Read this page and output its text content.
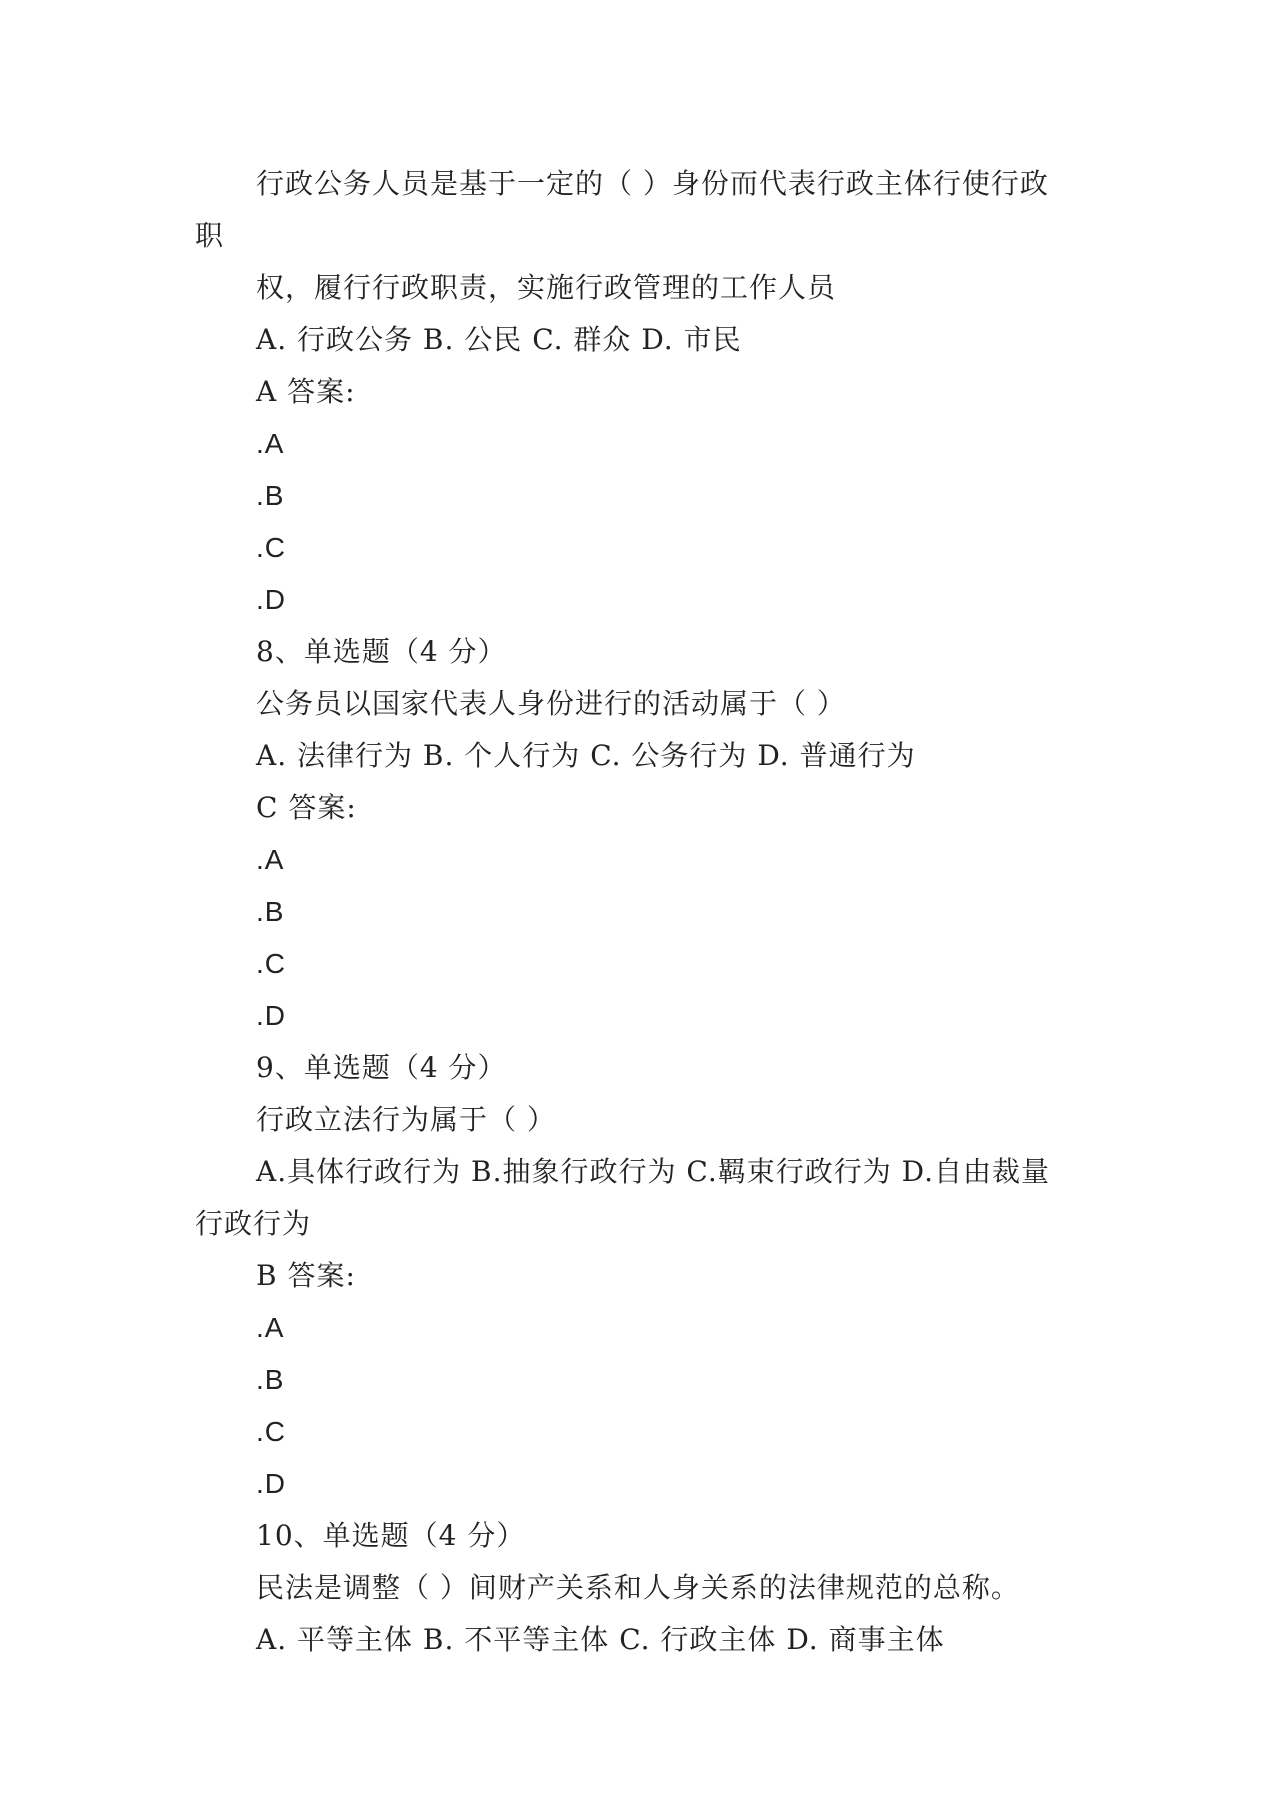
行政公务人员是基于一定的（ ）身份而代表行政主体行使行政
职
权，履行行政职责，实施行政管理的工作人员
A. 行政公务 B. 公民 C. 群众 D. 市民
A 答案:
.A
.B
.C
.D
8、单选题（4 分）
公务员以国家代表人身份进行的活动属于（ ）
A. 法律行为 B. 个人行为 C. 公务行为 D. 普通行为
C 答案:
.A
.B
.C
.D
9、单选题（4 分）
行政立法行为属于（ ）
A.具体行政行为 B.抽象行政行为 C.羁束行政行为 D.自由裁量
行政行为
B 答案:
.A
.B
.C
.D
10、单选题（4 分）
民法是调整（ ）间财产关系和人身关系的法律规范的总称。
A. 平等主体 B. 不平等主体 C. 行政主体 D. 商事主体
